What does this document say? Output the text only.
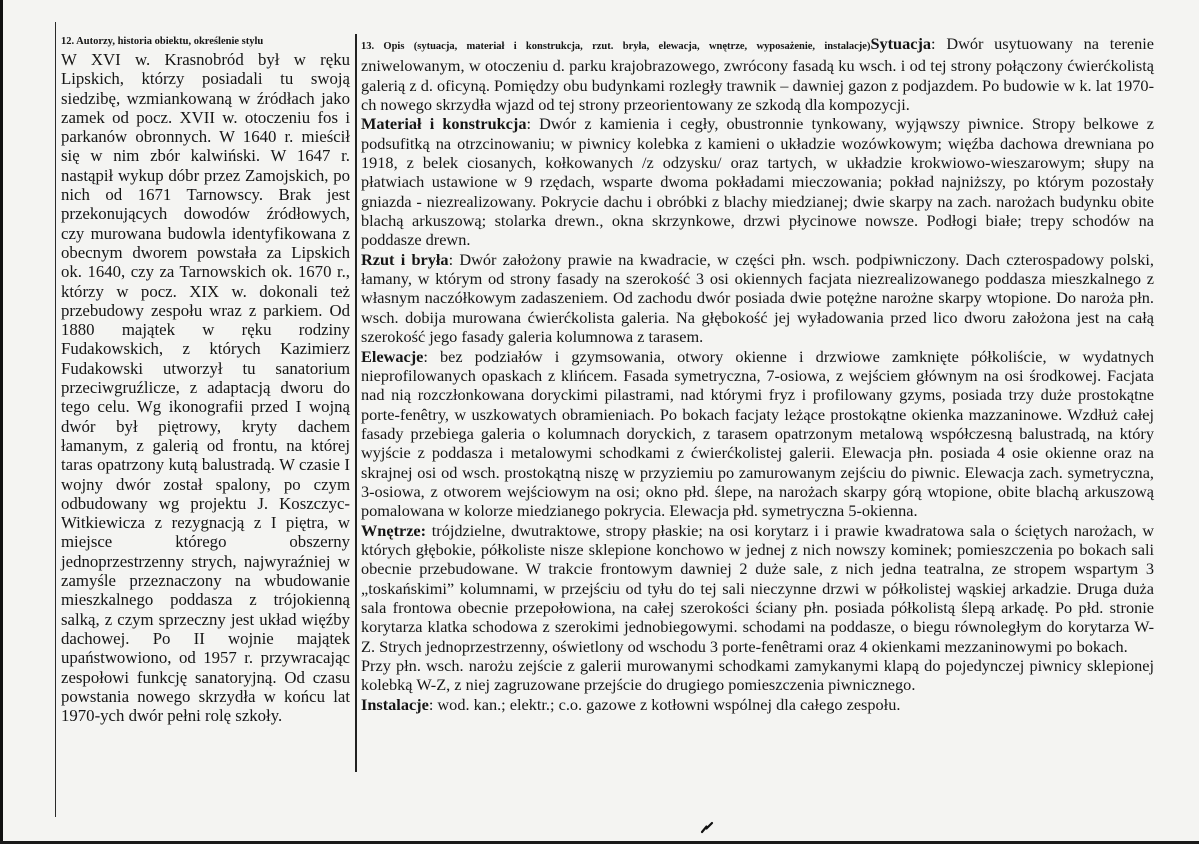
12. Autorzy, historia obiektu, określenie stylu

W XVI w. Krasnobród był w ręku Lipskich, którzy posiadali tu swoją siedzibę, wzmiankowaną w źródłach jako zamek od pocz. XVII w. otoczeniu fos i parkanów obronnych. W 1640 r. mieścił się w nim zbór kalwiński. W 1647 r. nastąpił wykup dóbr przez Zamojskich, po nich od 1671 Tarnowscy. Brak jest przekonujących dowodów źródłowych, czy murowana budowla identyfikowana z obecnym dworem powstała za Lipskich ok. 1640, czy za Tarnowskich ok. 1670 r., którzy w pocz. XIX w. dokonali też przebudowy zespołu wraz z parkiem. Od 1880 majątek w ręku rodziny Fudakowskich, z których Kazimierz Fudakowski utworzył tu sanatorium przeciwgruźlicze, z adaptacją dworu do tego celu. Wg ikonografii przed I wojną dwór był piętrowy, kryty dachem łamanym, z galerią od frontu, na której taras opatrzony kutą balustradą. W czasie I wojny dwór został spalony, po czym odbudowany wg projektu J. Koszczyc-Witkiewicza z rezygnacją z I piętra, w miejsce którego obszerny jednoprzestrzenny strych, najwyraźniej w zamyśle przeznaczony na wbudowanie mieszkalnego poddasza z trójokienną salką, z czym sprzeczny jest układ więźby dachowej. Po II wojnie majątek upaństwowiono, od 1957 r. przywracając zespołowi funkcję sanatoryjną. Od czasu powstania nowego skrzydła w końcu lat 1970-ych dwór pełni rolę szkoły.

13. Opis (sytuacja, materiał i konstrukcja, rzut. bryła, elewacja, wnętrze, wyposażenie, instalacje)Sytuacja: Dwór usytuowany na terenie zniwelowanym, w otoczeniu d. parku krajobrazowego, zwrócony fasadą ku wsch. i od tej strony połączony ćwierćkolistą galerią z d. oficyną. Pomiędzy obu budynkami rozległy trawnik – dawniej gazon z podjazdem. Po budowie w k. lat 1970-ch nowego skrzydła wjazd od tej strony przeorientowany ze szkodą dla kompozycji.

Materiał i konstrukcja: Dwór z kamienia i cegły, obustronnie tynkowany, wyjąwszy piwnice. Stropy belkowe z podsufitką na otrzcinowaniu; w piwnicy kolebka z kamieni o układzie wozówkowym; więźba dachowa drewniana po 1918, z belek ciosanych, kołkowanych /z odzysku/ oraz tartych, w układzie krokwiowo-wieszarowym; słupy na płatwiach ustawione w 9 rzędach, wsparte dwoma pokładami mieczowania; pokład najniższy, po którym pozostały gniazda - niezrealizowany. Pokrycie dachu i obróbki z blachy miedzianej; dwie skarpy na zach. narożach budynku obite blachą arkuszową; stolarka drewn., okna skrzynkowe, drzwi płycinowe nowsze. Podłogi białe; trepy schodów na poddasze drewn.

Rzut i bryła: Dwór założony prawie na kwadracie, w części płn. wsch. podpiwniczony. Dach czterospadowy polski, łamany, w którym od strony fasady na szerokość 3 osi okiennych facjata niezrealizowanego poddasza mieszkalnego z własnym naczółkowym zadaszeniem. Od zachodu dwór posiada dwie potężne narożne skarpy wtopione. Do naroża płn. wsch. dobija murowana ćwierćkolista galeria. Na głębokość jej wyładowania przed lico dworu założona jest na całą szerokość jego fasady galeria kolumnowa z tarasem.

Elewacje: bez podziałów i gzymsowania, otwory okienne i drzwiowe zamknięte półkoliście, w wydatnych nieprofilowanych opaskach z klińcem. Fasada symetryczna, 7-osiowa, z wejściem głównym na osi środkowej. Facjata nad nią rozczłonkowana doryckimi pilastrami, nad którymi fryz i profilowany gzyms, posiada trzy duże prostokątne porte-fenêtry, w uszkowatych obramieniach. Po bokach facjaty leżące prostokątne okienka mazzaninowe. Wzdłuż całej fasady przebiega galeria o kolumnach doryckich, z tarasem opatrzonym metalową współczesną balustradą, na który wyjście z poddasza i metalowymi schodkami z ćwierćkolistej galerii. Elewacja płn. posiada 4 osie okienne oraz na skrajnej osi od wsch. prostokątną niszę w przyziemiu po zamurowanym zejściu do piwnic. Elewacja zach. symetryczna, 3-osiowa, z otworem wejściowym na osi; okno płd. ślepe, na narożach skarpy górą wtopione, obite blachą arkuszową pomalowana w kolorze miedzianego pokrycia. Elewacja płd. symetryczna 5-okienna.

Wnętrze: trójdzielne, dwutraktowe, stropy płaskie; na osi korytarz i i prawie kwadratowa sala o ściętych narożach, w których głębokie, półkoliste nisze sklepione konchowo w jednej z nich nowszy kominek; pomieszczenia po bokach sali obecnie przebudowane. W trakcie frontowym dawniej 2 duże sale, z nich jedna teatralna, ze stropem wspartym 3 „toskańskimi” kolumnami, w przejściu od tyłu do tej sali nieczynne drzwi w półkolistej wąskiej arkadzie. Druga duża sala frontowa obecnie przepołowiona, na całej szerokości ściany płn. posiada półkolistą ślepą arkadę. Po płd. stronie korytarza klatka schodowa z szerokimi jednobiegowymi. schodami na poddasze, o biegu równoległym do korytarza W-Z. Strych jednoprzestrzenny, oświetlony od wschodu 3 porte-fenêtrami oraz 4 okienkami mezzaninowymi po bokach.

Przy płn. wsch. narożu zejście z galerii murowanymi schodkami zamykanymi klapą do pojedynczej piwnicy sklepionej kolebką W-Z, z niej zagruzowane przejście do drugiego pomieszczenia piwnicznego.

Instalacje: wod. kan.; elektr.; c.o. gazowe z kotłowni wspólnej dla całego zespołu.
